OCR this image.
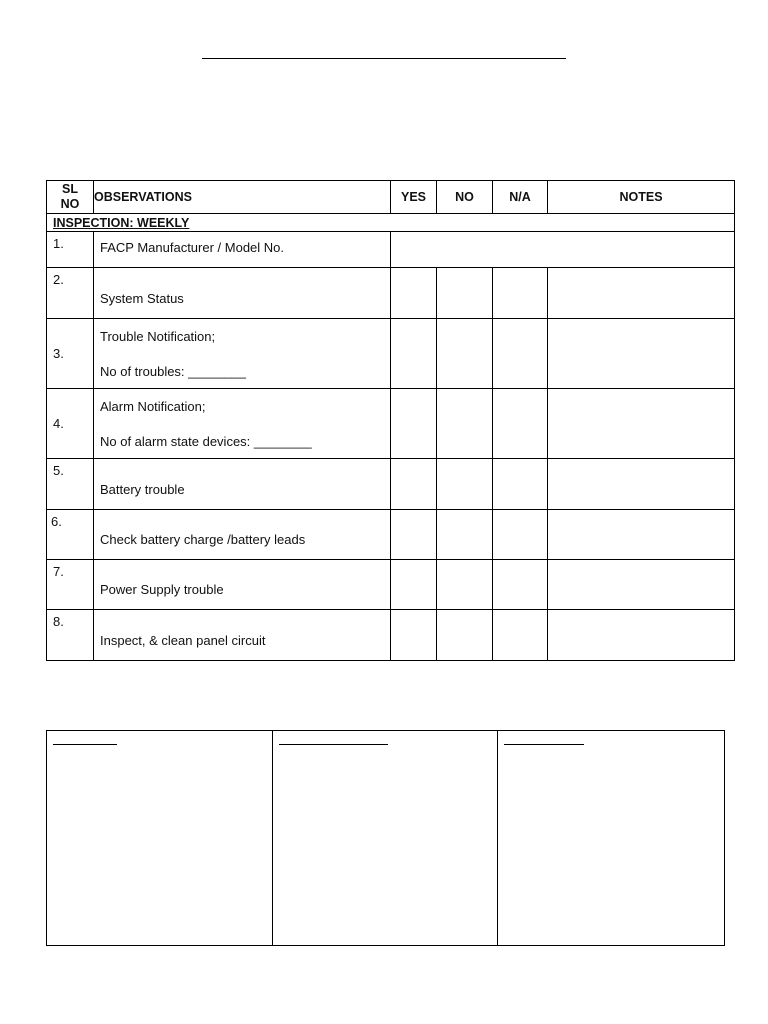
SL
NO	OBSERVATIONS	YES	NO	N/A	NOTES
INSPECTION: WEEKLY					
1.	FACP Manufacturer / Model No.				
2.	System Status				
3.	Trouble Notification;
No of troubles: ________				

4.	Alarm Notification;
No of alarm state devices: ________				

5.	Battery trouble				
6.	Check battery charge /battery leads				
7.	Power Supply trouble				
8.	Inspect, & clean panel circuit				
